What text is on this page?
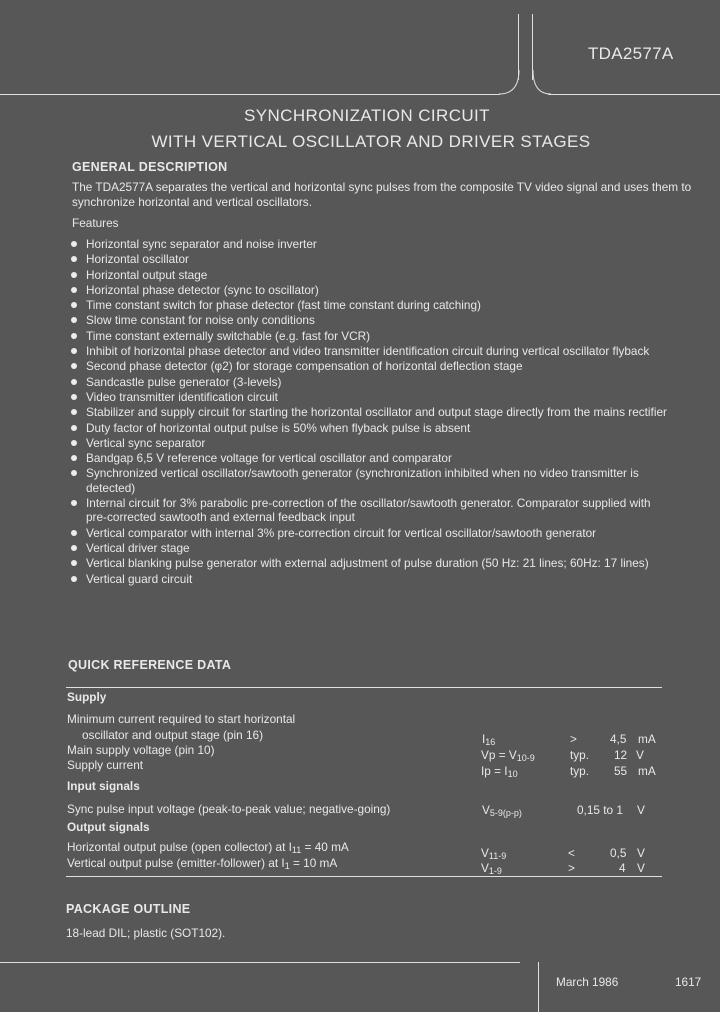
TDA2577A
SYNCHRONIZATION CIRCUIT
WITH VERTICAL OSCILLATOR AND DRIVER STAGES
GENERAL DESCRIPTION
The TDA2577A separates the vertical and horizontal sync pulses from the composite TV video signal and uses them to synchronize horizontal and vertical oscillators.
Features
Horizontal sync separator and noise inverter
Horizontal oscillator
Horizontal output stage
Horizontal phase detector (sync to oscillator)
Time constant switch for phase detector (fast time constant during catching)
Slow time constant for noise only conditions
Time constant externally switchable (e.g. fast for VCR)
Inhibit of horizontal phase detector and video transmitter identification circuit during vertical oscillator flyback
Second phase detector (φ2) for storage compensation of horizontal deflection stage
Sandcastle pulse generator (3-levels)
Video transmitter identification circuit
Stabilizer and supply circuit for starting the horizontal oscillator and output stage directly from the mains rectifier
Duty factor of horizontal output pulse is 50% when flyback pulse is absent
Vertical sync separator
Bandgap 6,5 V reference voltage for vertical oscillator and comparator
Synchronized vertical oscillator/sawtooth generator (synchronization inhibited when no video transmitter is detected)
Internal circuit for 3% parabolic pre-correction of the oscillator/sawtooth generator. Comparator supplied with pre-corrected sawtooth and external feedback input
Vertical comparator with internal 3% pre-correction circuit for vertical oscillator/sawtooth generator
Vertical driver stage
Vertical blanking pulse generator with external adjustment of pulse duration (50 Hz: 21 lines; 60Hz: 17 lines)
Vertical guard circuit
QUICK REFERENCE DATA
Supply
Minimum current required to start horizontal
oscillator and output stage (pin 16)	$I_{16}$	>	4,5 mA
Main supply voltage (pin 10)	$Vp = V_{10-9}$	typ. 12 V
Supply current	$Ip = I_{10}$	typ. 55 mA
Input signals
Sync pulse input voltage (peak-to-peak value; negative-going)	$V_{5-9(p-p)}$	0,15 to 1 V
Output signals
Horizontal output pulse (open collector) at $I_{11} = 40$ mA	$V_{11-9}$	<	0,5 V
Vertical output pulse (emitter-follower) at $I_1 = 10$ mA	$V_{1-9}$	>	4 V
PACKAGE OUTLINE
18-lead DIL; plastic (SOT102).
March 1986	1617
